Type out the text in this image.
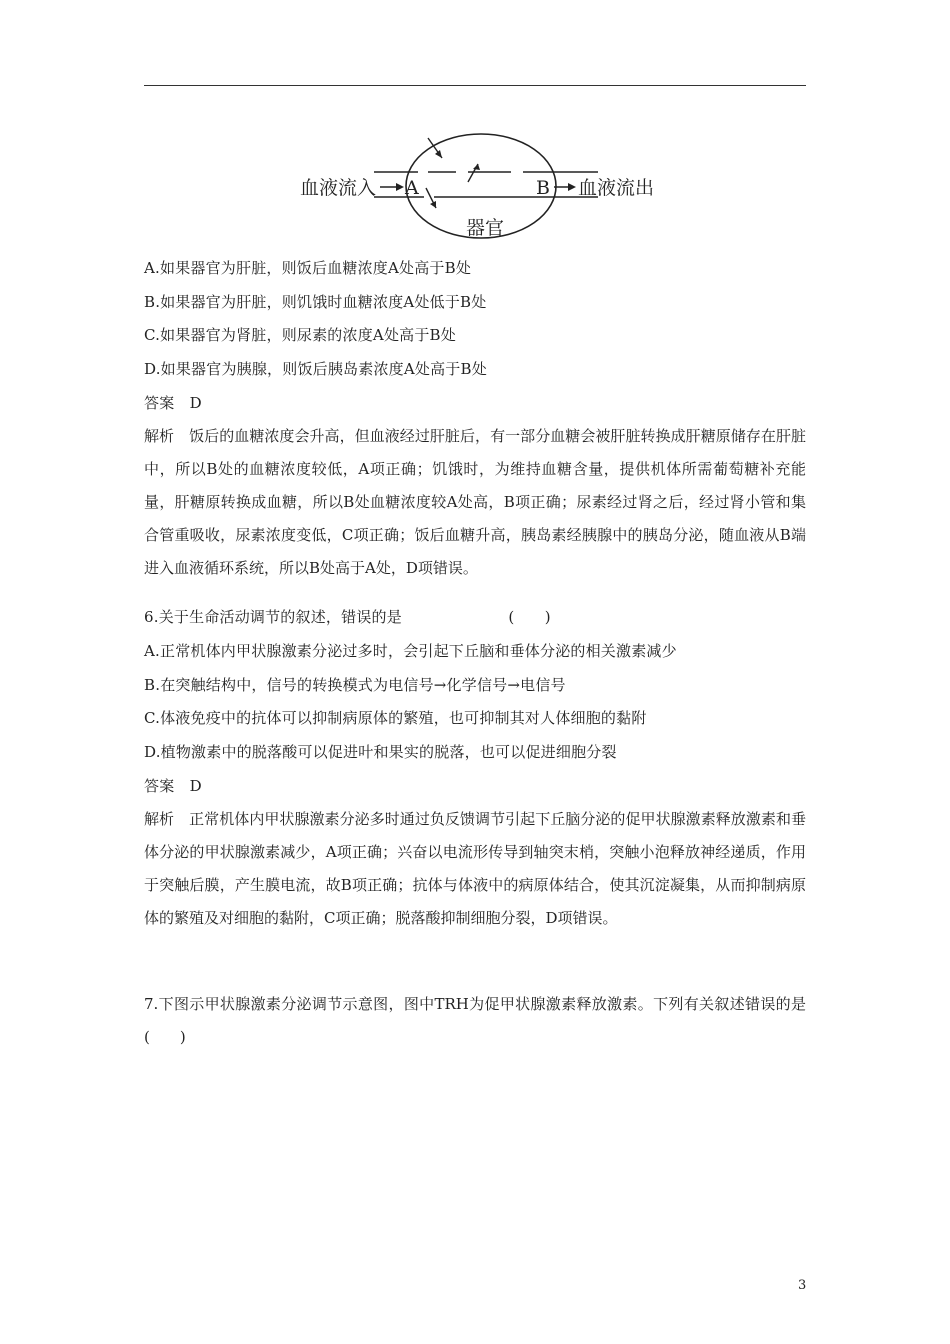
血液流入 A	B 血液流出
器官
A.如果器官为肝脏，则饭后血糖浓度A处高于B处
B.如果器官为肝脏，则饥饿时血糖浓度A处低于B处
C.如果器官为肾脏，则尿素的浓度A处高于B处
D.如果器官为胰腺，则饭后胰岛素浓度A处高于B处
答案　D
解析　饭后的血糖浓度会升高，但血液经过肝脏后，有一部分血糖会被肝脏转换成肝糖原储存在肝脏中，所以B处的血糖浓度较低，A项正确；饥饿时，为维持血糖含量，提供机体所需葡萄糖补充能量，肝糖原转换成血糖，所以B处血糖浓度较A处高，B项正确；尿素经过肾之后，经过肾小管和集合管重吸收，尿素浓度变低，C项正确；饭后血糖升高，胰岛素经胰腺中的胰岛分泌，随血液从B端进入血液循环系统，所以B处高于A处，D项错误。
6.关于生命活动调节的叙述，错误的是　　　　　　　(　　)
A.正常机体内甲状腺激素分泌过多时，会引起下丘脑和垂体分泌的相关激素减少
B.在突触结构中，信号的转换模式为电信号→化学信号→电信号
C.体液免疫中的抗体可以抑制病原体的繁殖，也可抑制其对人体细胞的黏附
D.植物激素中的脱落酸可以促进叶和果实的脱落，也可以促进细胞分裂
答案　D
解析　正常机体内甲状腺激素分泌多时通过负反馈调节引起下丘脑分泌的促甲状腺激素释放激素和垂体分泌的甲状腺激素减少，A项正确；兴奋以电流形传导到轴突末梢，突触小泡释放神经递质，作用于突触后膜，产生膜电流，故B项正确；抗体与体液中的病原体结合，使其沉淀凝集，从而抑制病原体的繁殖及对细胞的黏附，C项正确；脱落酸抑制细胞分裂，D项错误。
7.下图示甲状腺激素分泌调节示意图，图中TRH为促甲状腺激素释放激素。下列有关叙述错误的是　　　　　　　(　　)
3
